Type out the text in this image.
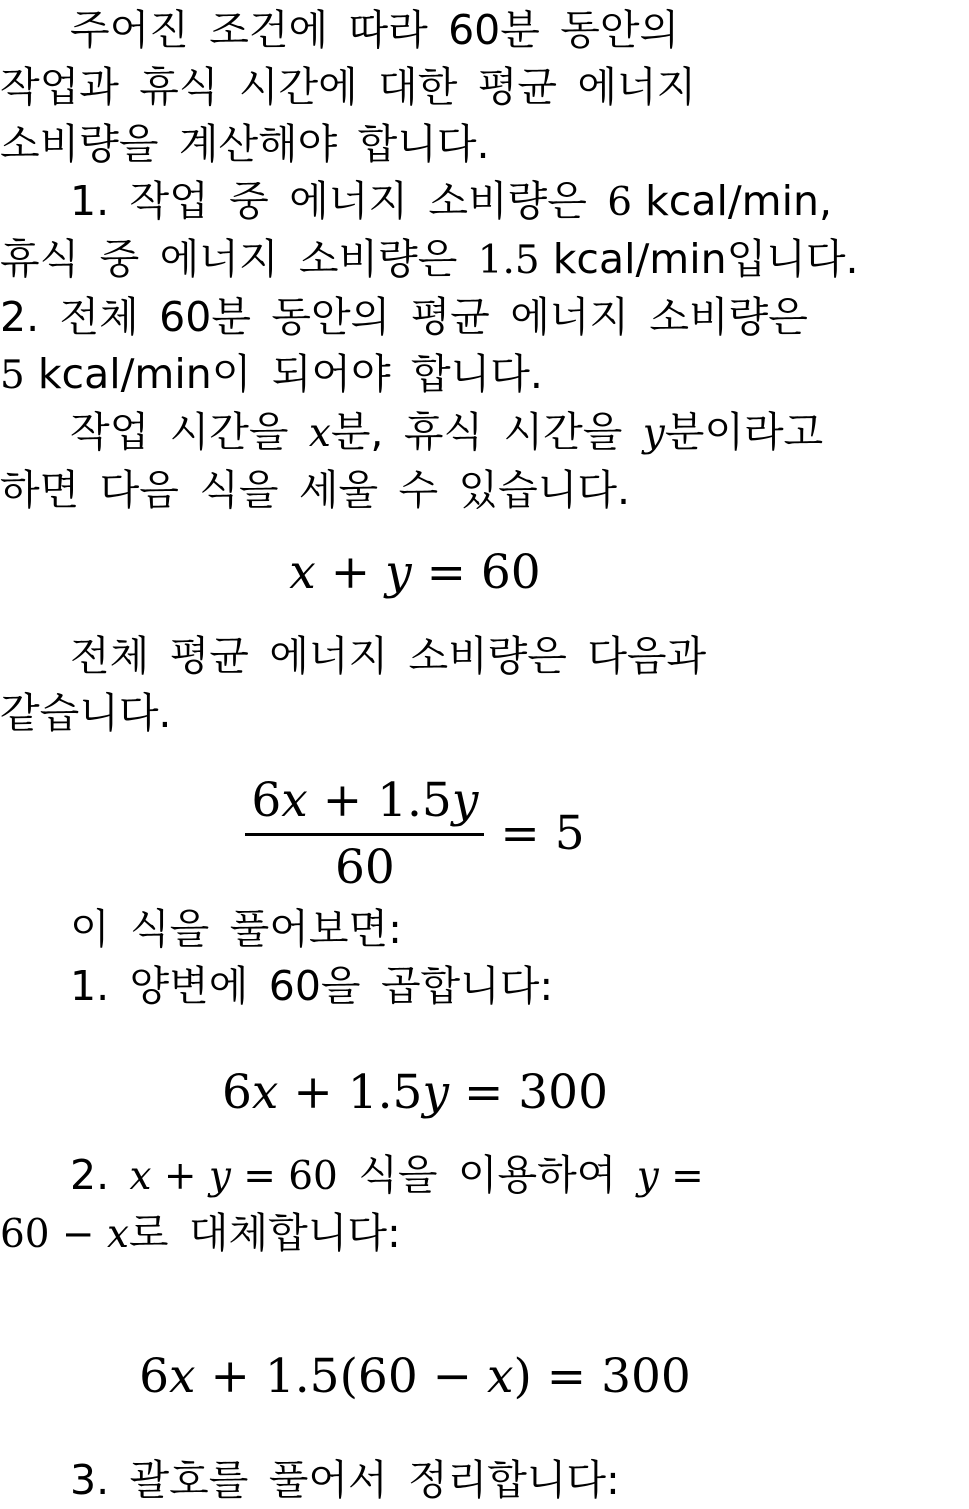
주어진 조건에 따라 60분 동안의
작업과 휴식 시간에 대한 평균 에너지
소비량을 계산해야 합니다.
1. 작업 중 에너지 소비량은 6 kcal/min,
휴식 중 에너지 소비량은 1.5 kcal/min입니다.
2. 전체 60분 동안의 평균 에너지 소비량은
5 kcal/min이 되어야 합니다.
작업 시간을 x분, 휴식 시간을 y분이라고
하면 다음 식을 세울 수 있습니다.
x + y = 60
전체 평균 에너지 소비량은 다음과
같습니다.
$\frac{6x + 1.5y}{60} = 5$
이 식을 풀어보면:
1. 양변에 60을 곱합니다:
6 x + 1.5 y = 300
2. x + y = 60 식을 이용하여 y =
60 − x로 대체합니다:
6 x + 1.5 ( 60 − x ) = 300
3. 괄호를 풀어서 정리합니다:
